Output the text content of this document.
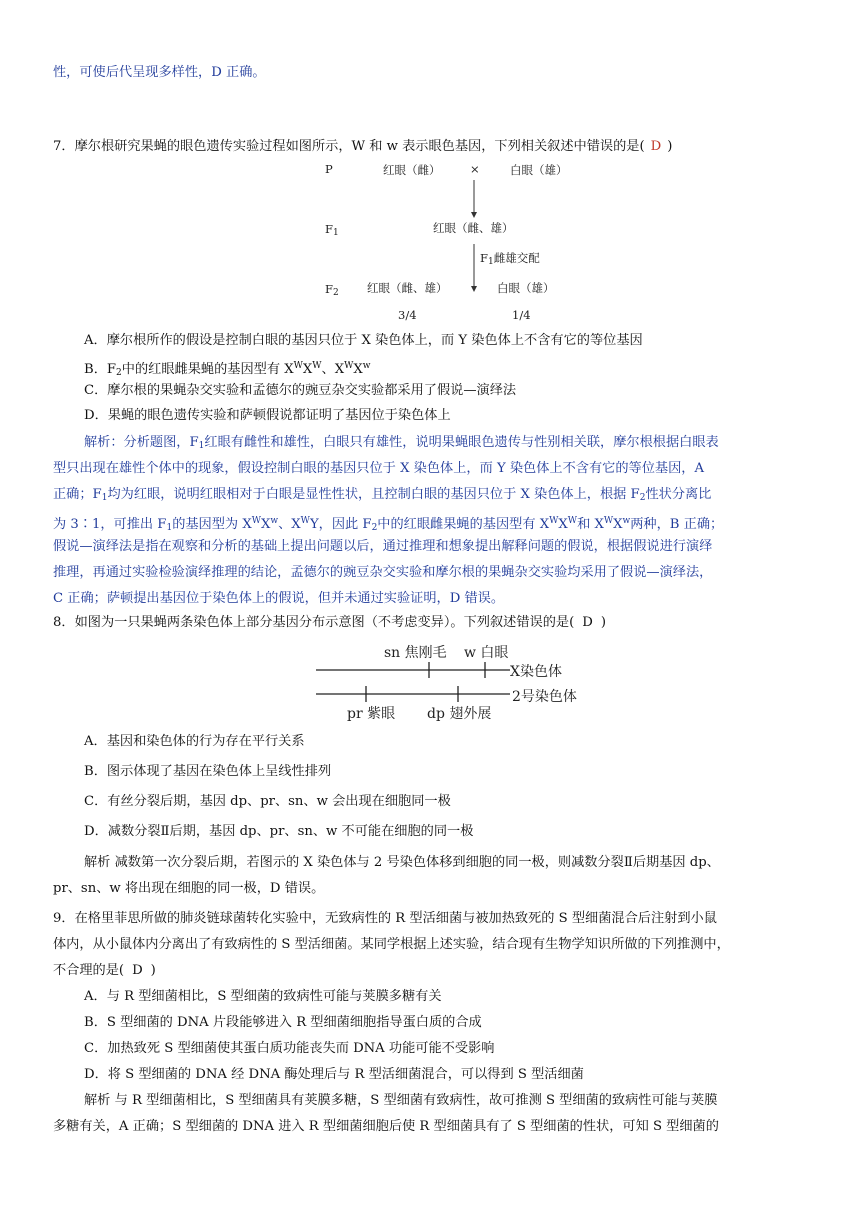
性，可使后代呈现多样性，D 正确。
7．摩尔根研究果蝇的眼色遗传实验过程如图所示，W 和 w 表示眼色基因，下列相关叙述中错误的是( D )
P	红眼（雌）	×	白眼（雄）
$F_1$	红眼（雌、雄）
$F_1$雌雄交配
$F_2$ 红眼（雌、雄）	白眼（雄）
3/4	1/4
A．摩尔根所作的假设是控制白眼的基因只位于 X 染色体上，而 Y 染色体上不含有它的等位基因
B．$F_2$中的红眼雌果蝇的基因型有 $X^WX^W$、$X^WX^w$
C．摩尔根的果蝇杂交实验和孟德尔的豌豆杂交实验都采用了假说—演绎法
D．果蝇的眼色遗传实验和萨顿假说都证明了基因位于染色体上
解析：分析题图，$F_1$红眼有雌性和雄性，白眼只有雄性，说明果蝇眼色遗传与性别相关联，摩尔根根据白眼表
型只出现在雄性个体中的现象，假设控制白眼的基因只位于 X 染色体上，而 Y 染色体上不含有它的等位基因，A
正确；$F_1$均为红眼，说明红眼相对于白眼是显性性状，且控制白眼的基因只位于 X 染色体上，根据 $F_2$性状分离比
为 3∶1，可推出 $F_1$的基因型为 $X^WX^w$、$X^WY$，因此 $F_2$中的红眼雌果蝇的基因型有 $X^WX^W$和 $X^WX^w$两种，B 正确；
假说—演绎法是指在观察和分析的基础上提出问题以后，通过推理和想象提出解释问题的假说，根据假说进行演绎
推理，再通过实验检验演绎推理的结论，孟德尔的豌豆杂交实验和摩尔根的果蝇杂交实验均采用了假说—演绎法，
C 正确；萨顿提出基因位于染色体上的假说，但并未通过实验证明，D 错误。
8．如图为一只果蝇两条染色体上部分基因分布示意图（不考虑变异）。下列叙述错误的是( D )
sn 焦刚毛 w 白眼
X染色体
2号染色体
pr 紫眼 dp 翅外展
A．基因和染色体的行为存在平行关系
B．图示体现了基因在染色体上呈线性排列
C．有丝分裂后期，基因 dp、pr、sn、w 会出现在细胞同一极
D．减数分裂Ⅱ后期，基因 dp、pr、sn、w 不可能在细胞的同一极
解析 减数第一次分裂后期，若图示的 X 染色体与 2 号染色体移到细胞的同一极，则减数分裂Ⅱ后期基因 dp、
pr、sn、w 将出现在细胞的同一极，D 错误。
9．在格里菲思所做的肺炎链球菌转化实验中，无致病性的 R 型活细菌与被加热致死的 S 型细菌混合后注射到小鼠
体内，从小鼠体内分离出了有致病性的 S 型活细菌。某同学根据上述实验，结合现有生物学知识所做的下列推测中，
不合理的是( D )
A．与 R 型细菌相比，S 型细菌的致病性可能与荚膜多糖有关
B．S 型细菌的 DNA 片段能够进入 R 型细菌细胞指导蛋白质的合成
C．加热致死 S 型细菌使其蛋白质功能丧失而 DNA 功能可能不受影响
D．将 S 型细菌的 DNA 经 DNA 酶处理后与 R 型活细菌混合，可以得到 S 型活细菌
解析 与 R 型细菌相比，S 型细菌具有荚膜多糖，S 型细菌有致病性，故可推测 S 型细菌的致病性可能与荚膜
多糖有关，A 正确；S 型细菌的 DNA 进入 R 型细菌细胞后使 R 型细菌具有了 S 型细菌的性状，可知 S 型细菌的
